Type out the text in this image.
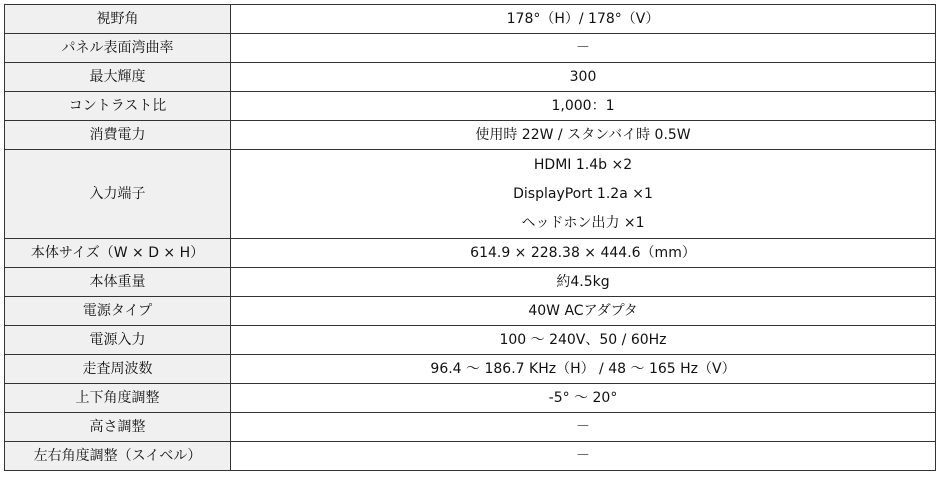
視野角	178°（H）/ 178°（V）
パネル表面湾曲率	－
最大輝度	300
コントラスト比	1,000：1
消費電力	使用時 22W / スタンバイ時 0.5W
入力端子	HDMI 1.4b ×2
DisplayPort 1.2a ×1
ヘッドホン出力 ×1

本体サイズ（W × D × H）	614.9 × 228.38 × 444.6（mm）
本体重量	約4.5kg
電源タイプ	40W ACアダプタ
電源入力	100 ～ 240V、50 / 60Hz
走査周波数	96.4 ～ 186.7 KHz（H） / 48 ～ 165 Hz（V）
上下角度調整	-5° ～ 20°
高さ調整	－
左右角度調整（スイベル）	－
